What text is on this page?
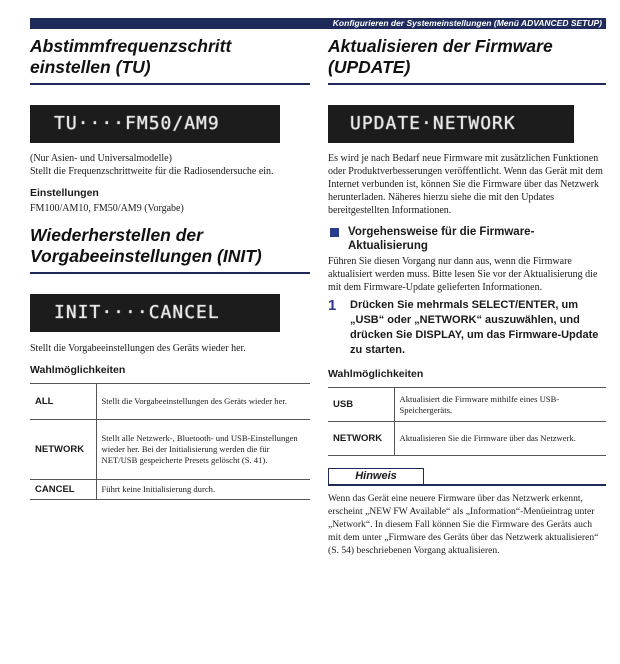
Konfigurieren der Systemeinstellungen (Menü ADVANCED SETUP)
Abstimmfrequenzschritt einstellen (TU)
TU····FM50/AM9

(Nur Asien- und Universalmodelle)
Stellt die Frequenzschrittweite für die Radiosendersuche ein.

Einstellungen

FM100/AM10, FM50/AM9 (Vorgabe)

Wiederherstellen der Vorgabeeinstellungen (INIT)
INIT····CANCEL

Stellt die Vorgabeeinstellungen des Geräts wieder her.

Wahlmöglichkeiten
ALL	Stellt die Vorgabeeinstellungen des Geräts wieder her.
NETWORK	Stellt alle Netzwerk-, Bluetooth- und USB-Einstellungen wieder her. Bei der Initialisierung werden die für NET/USB gespeicherte Presets gelöscht (S. 41).
CANCEL	Führt keine Initialisierung durch.
Aktualisieren der Firmware (UPDATE)
UPDATE·NETWORK

Es wird je nach Bedarf neue Firmware mit zusätzlichen Funktionen oder Produktverbesserungen veröffentlicht. Wenn das Gerät mit dem Internet verbunden ist, können Sie die Firmware über das Netzwerk herunterladen. Näheres hierzu siehe die mit den Updates bereitgestellten Informationen.

Vorgehensweise für die Firmware-Aktualisierung

Führen Sie diesen Vorgang nur dann aus, wenn die Firmware aktualisiert werden muss. Bitte lesen Sie vor der Aktualisierung die mit dem Firmware-Update gelieferten Informationen.

1	Drücken Sie mehrmals SELECT/ENTER, um „USB“ oder „NETWORK“ auszuwählen, und drücken Sie DISPLAY, um das Firmware-Update zu starten.
Wahlmöglichkeiten
USB	Aktualisiert die Firmware mithilfe eines USB-Speichergeräts.
NETWORK	Aktualisieren Sie die Firmware über das Netzwerk.
Hinweis

Wenn das Gerät eine neuere Firmware über das Netzwerk erkennt, erscheint „NEW FW Available“ als „Information“-Menüeintrag unter „Network“. In diesem Fall können Sie die Firmware des Geräts auch mit dem unter „Firmware des Geräts über das Netzwerk aktualisieren“ (S. 54) beschriebenen Vorgang aktualisieren.
